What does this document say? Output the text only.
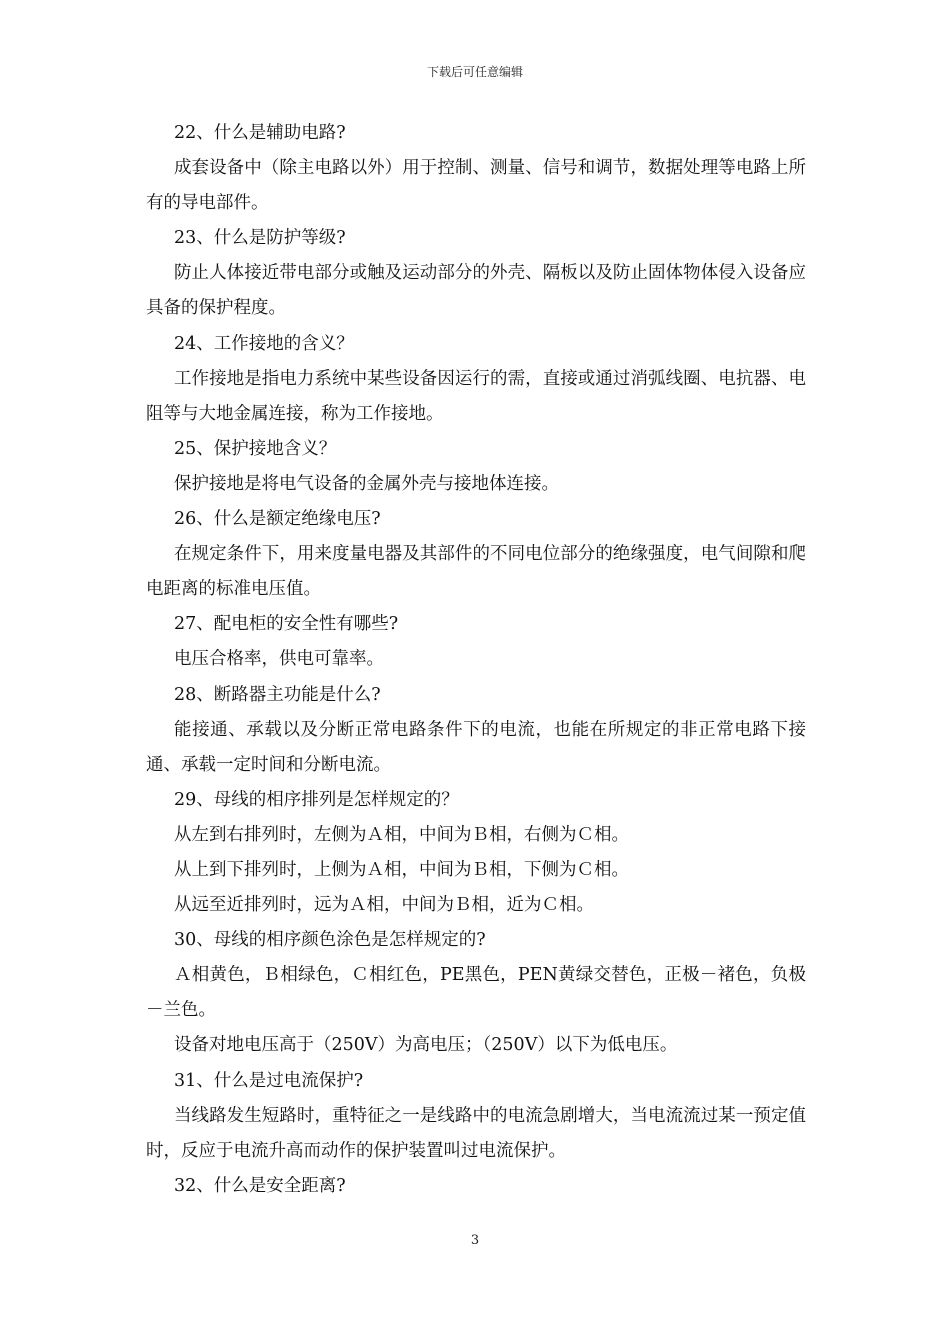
下载后可任意编辑

22、什么是辅助电路?

成套设备中（除主电路以外）用于控制、测量、信号和调节，数据处理等电路上所有的导电部件。

23、什么是防护等级?

防止人体接近带电部分或触及运动部分的外壳、隔板以及防止固体物体侵入设备应具备的保护程度。

24、工作接地的含义？

工作接地是指电力系统中某些设备因运行的需，直接或通过消弧线圈、电抗器、电阻等与大地金属连接，称为工作接地。

25、保护接地含义？

保护接地是将电气设备的金属外壳与接地体连接。

26、什么是额定绝缘电压?

在规定条件下，用来度量电器及其部件的不同电位部分的绝缘强度，电气间隙和爬电距离的标准电压值。

27、配电柜的安全性有哪些?

电压合格率，供电可靠率。

28、断路器主功能是什么?

能接通、承载以及分断正常电路条件下的电流，也能在所规定的非正常电路下接通、承载一定时间和分断电流。

29、母线的相序排列是怎样规定的？

从左到右排列时，左侧为Ａ相，中间为Ｂ相，右侧为Ｃ相。

从上到下排列时，上侧为Ａ相，中间为Ｂ相，下侧为Ｃ相。

从远至近排列时，远为Ａ相，中间为Ｂ相，近为Ｃ相。

30、母线的相序颜色涂色是怎样规定的?

Ａ相黄色，Ｂ相绿色，Ｃ相红色，PE黑色，PEN黄绿交替色，正极－褚色，负极－兰色。

设备对地电压高于（250V）为高电压；（250V）以下为低电压。

31、什么是过电流保护?

当线路发生短路时，重特征之一是线路中的电流急剧增大，当电流流过某一预定值时，反应于电流升高而动作的保护装置叫过电流保护。

32、什么是安全距离?

3
